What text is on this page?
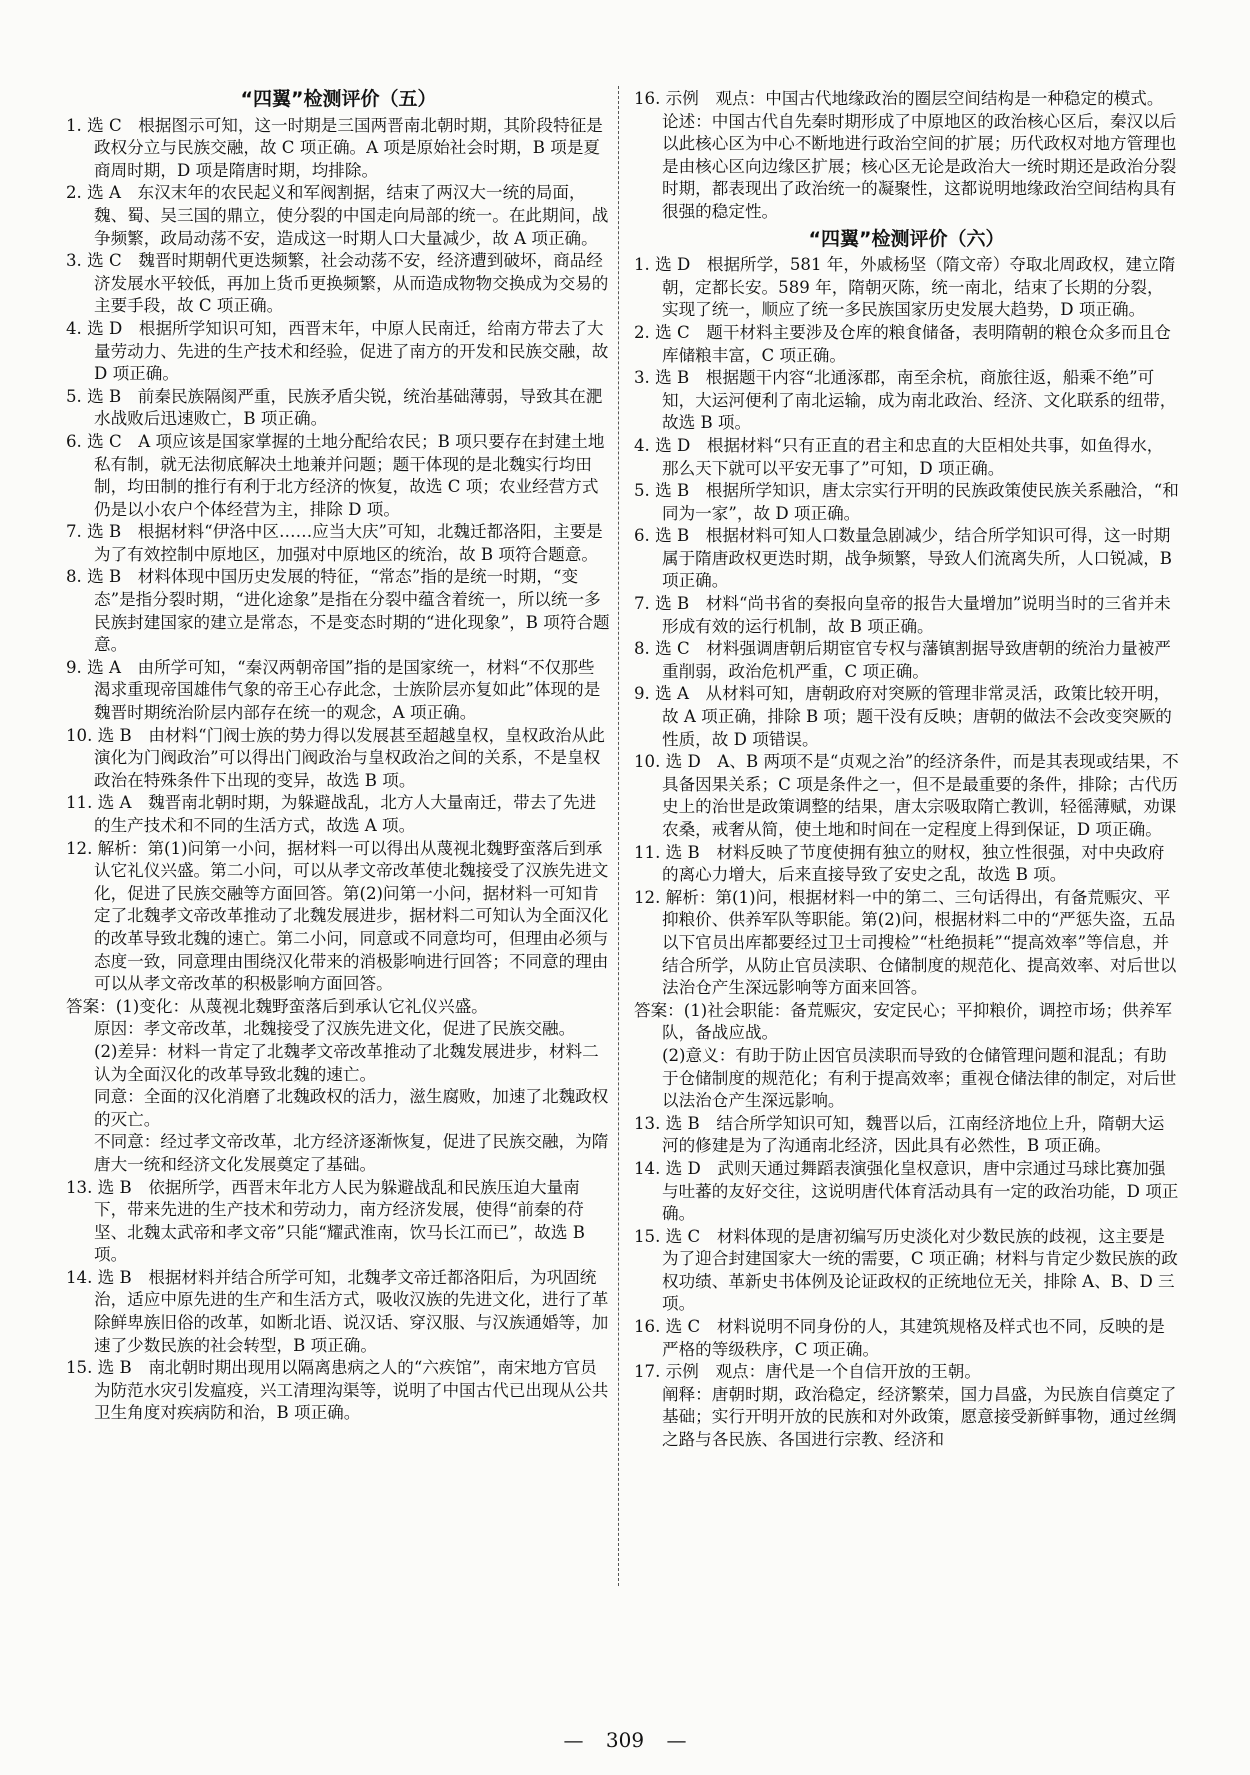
“四翼”检测评价（五）

1. 选 C　根据图示可知，这一时期是三国两晋南北朝时期，其阶段特征是政权分立与民族交融，故 C 项正确。A 项是原始社会时期，B 项是夏商周时期，D 项是隋唐时期，均排除。

2. 选 A　东汉末年的农民起义和军阀割据，结束了两汉大一统的局面，魏、蜀、吴三国的鼎立，使分裂的中国走向局部的统一。在此期间，战争频繁，政局动荡不安，造成这一时期人口大量减少，故 A 项正确。

3. 选 C　魏晋时期朝代更迭频繁，社会动荡不安，经济遭到破坏，商品经济发展水平较低，再加上货币更换频繁，从而造成物物交换成为交易的主要手段，故 C 项正确。

4. 选 D　根据所学知识可知，西晋末年，中原人民南迁，给南方带去了大量劳动力、先进的生产技术和经验，促进了南方的开发和民族交融，故 D 项正确。

5. 选 B　前秦民族隔阂严重，民族矛盾尖锐，统治基础薄弱，导致其在淝水战败后迅速败亡，B 项正确。

6. 选 C　A 项应该是国家掌握的土地分配给农民；B 项只要存在封建土地私有制，就无法彻底解决土地兼并问题；题干体现的是北魏实行均田制，均田制的推行有利于北方经济的恢复，故选 C 项；农业经营方式仍是以小农户个体经营为主，排除 D 项。

7. 选 B　根据材料“伊洛中区……应当大庆”可知，北魏迁都洛阳，主要是为了有效控制中原地区，加强对中原地区的统治，故 B 项符合题意。

8. 选 B　材料体现中国历史发展的特征，“常态”指的是统一时期，“变态”是指分裂时期，“进化途象”是指在分裂中蕴含着统一，所以统一多民族封建国家的建立是常态，不是变态时期的“进化现象”，B 项符合题意。

9. 选 A　由所学可知，“秦汉两朝帝国”指的是国家统一，材料“不仅那些渴求重现帝国雄伟气象的帝王心存此念，士族阶层亦复如此”体现的是魏晋时期统治阶层内部存在统一的观念，A 项正确。

10. 选 B　由材料“门阀士族的势力得以发展甚至超越皇权，皇权政治从此演化为门阀政治”可以得出门阀政治与皇权政治之间的关系，不是皇权政治在特殊条件下出现的变异，故选 B 项。

11. 选 A　魏晋南北朝时期，为躲避战乱，北方人大量南迁，带去了先进的生产技术和不同的生活方式，故选 A 项。

12. 解析：第(1)问第一小问，据材料一可以得出从蔑视北魏野蛮落后到承认它礼仪兴盛。第二小问，可以从孝文帝改革使北魏接受了汉族先进文化，促进了民族交融等方面回答。第(2)问第一小问，据材料一可知肯定了北魏孝文帝改革推动了北魏发展进步，据材料二可知认为全面汉化的改革导致北魏的速亡。第二小问，同意或不同意均可，但理由必须与态度一致，同意理由围绕汉化带来的消极影响进行回答；不同意的理由可以从孝文帝改革的积极影响方面回答。

答案：(1)变化：从蔑视北魏野蛮落后到承认它礼仪兴盛。

原因：孝文帝改革，北魏接受了汉族先进文化，促进了民族交融。

(2)差异：材料一肯定了北魏孝文帝改革推动了北魏发展进步，材料二认为全面汉化的改革导致北魏的速亡。

同意：全面的汉化消磨了北魏政权的活力，滋生腐败，加速了北魏政权的灭亡。

不同意：经过孝文帝改革，北方经济逐渐恢复，促进了民族交融，为隋唐大一统和经济文化发展奠定了基础。

13. 选 B　依据所学，西晋末年北方人民为躲避战乱和民族压迫大量南下，带来先进的生产技术和劳动力，南方经济发展，使得“前秦的苻坚、北魏太武帝和孝文帝”只能“耀武淮南，饮马长江而已”，故选 B 项。

14. 选 B　根据材料并结合所学可知，北魏孝文帝迁都洛阳后，为巩固统治，适应中原先进的生产和生活方式，吸收汉族的先进文化，进行了革除鲜卑族旧俗的改革，如断北语、说汉话、穿汉服、与汉族通婚等，加速了少数民族的社会转型，B 项正确。

15. 选 B　南北朝时期出现用以隔离患病之人的“六疾馆”，南宋地方官员为防范水灾引发瘟疫，兴工清理沟渠等，说明了中国古代已出现从公共卫生角度对疾病防和治，B 项正确。

16. 示例　观点：中国古代地缘政治的圈层空间结构是一种稳定的模式。

论述：中国古代自先秦时期形成了中原地区的政治核心区后，秦汉以后以此核心区为中心不断地进行政治空间的扩展；历代政权对地方管理也是由核心区向边缘区扩展；核心区无论是政治大一统时期还是政治分裂时期，都表现出了政治统一的凝聚性，这都说明地缘政治空间结构具有很强的稳定性。

“四翼”检测评价（六）

1. 选 D　根据所学，581 年，外戚杨坚（隋文帝）夺取北周政权，建立隋朝，定都长安。589 年，隋朝灭陈，统一南北，结束了长期的分裂，实现了统一，顺应了统一多民族国家历史发展大趋势，D 项正确。

2. 选 C　题干材料主要涉及仓库的粮食储备，表明隋朝的粮仓众多而且仓库储粮丰富，C 项正确。

3. 选 B　根据题干内容“北通涿郡，南至余杭，商旅往返，船乘不绝”可知，大运河便利了南北运输，成为南北政治、经济、文化联系的纽带，故选 B 项。

4. 选 D　根据材料“只有正直的君主和忠直的大臣相处共事，如鱼得水，那么天下就可以平安无事了”可知，D 项正确。

5. 选 B　根据所学知识，唐太宗实行开明的民族政策使民族关系融洽，“和同为一家”，故 D 项正确。

6. 选 B　根据材料可知人口数量急剧减少，结合所学知识可得，这一时期属于隋唐政权更迭时期，战争频繁，导致人们流离失所，人口锐减，B 项正确。

7. 选 B　材料“尚书省的奏报向皇帝的报告大量增加”说明当时的三省并未形成有效的运行机制，故 B 项正确。

8. 选 C　材料强调唐朝后期宦官专权与藩镇割据导致唐朝的统治力量被严重削弱，政治危机严重，C 项正确。

9. 选 A　从材料可知，唐朝政府对突厥的管理非常灵活，政策比较开明，故 A 项正确，排除 B 项；题干没有反映；唐朝的做法不会改变突厥的性质，故 D 项错误。

10. 选 D　A、B 两项不是“贞观之治”的经济条件，而是其表现或结果，不具备因果关系；C 项是条件之一，但不是最重要的条件，排除；古代历史上的治世是政策调整的结果，唐太宗吸取隋亡教训，轻徭薄赋，劝课农桑，戒奢从简，使土地和时间在一定程度上得到保证，D 项正确。

11. 选 B　材料反映了节度使拥有独立的财权，独立性很强，对中央政府的离心力增大，后来直接导致了安史之乱，故选 B 项。

12. 解析：第(1)问，根据材料一中的第二、三句话得出，有备荒赈灾、平抑粮价、供养军队等职能。第(2)问，根据材料二中的“严惩失盗，五品以下官员出库都要经过卫士司搜检”“杜绝损耗”“提高效率”等信息，并结合所学，从防止官员渎职、仓储制度的规范化、提高效率、对后世以法治仓产生深远影响等方面来回答。

答案：(1)社会职能：备荒赈灾，安定民心；平抑粮价，调控市场；供养军队，备战应战。

(2)意义：有助于防止因官员渎职而导致的仓储管理问题和混乱；有助于仓储制度的规范化；有利于提高效率；重视仓储法律的制定，对后世以法治仓产生深远影响。

13. 选 B　结合所学知识可知，魏晋以后，江南经济地位上升，隋朝大运河的修建是为了沟通南北经济，因此具有必然性，B 项正确。

14. 选 D　武则天通过舞蹈表演强化皇权意识，唐中宗通过马球比赛加强与吐蕃的友好交往，这说明唐代体育活动具有一定的政治功能，D 项正确。

15. 选 C　材料体现的是唐初编写历史淡化对少数民族的歧视，这主要是为了迎合封建国家大一统的需要，C 项正确；材料与肯定少数民族的政权功绩、革新史书体例及论证政权的正统地位无关，排除 A、B、D 三项。

16. 选 C　材料说明不同身份的人，其建筑规格及样式也不同，反映的是严格的等级秩序，C 项正确。

17. 示例　观点：唐代是一个自信开放的王朝。

阐释：唐朝时期，政治稳定，经济繁荣，国力昌盛，为民族自信奠定了基础；实行开明开放的民族和对外政策，愿意接受新鲜事物，通过丝绸之路与各民族、各国进行宗教、经济和

— 309 —
